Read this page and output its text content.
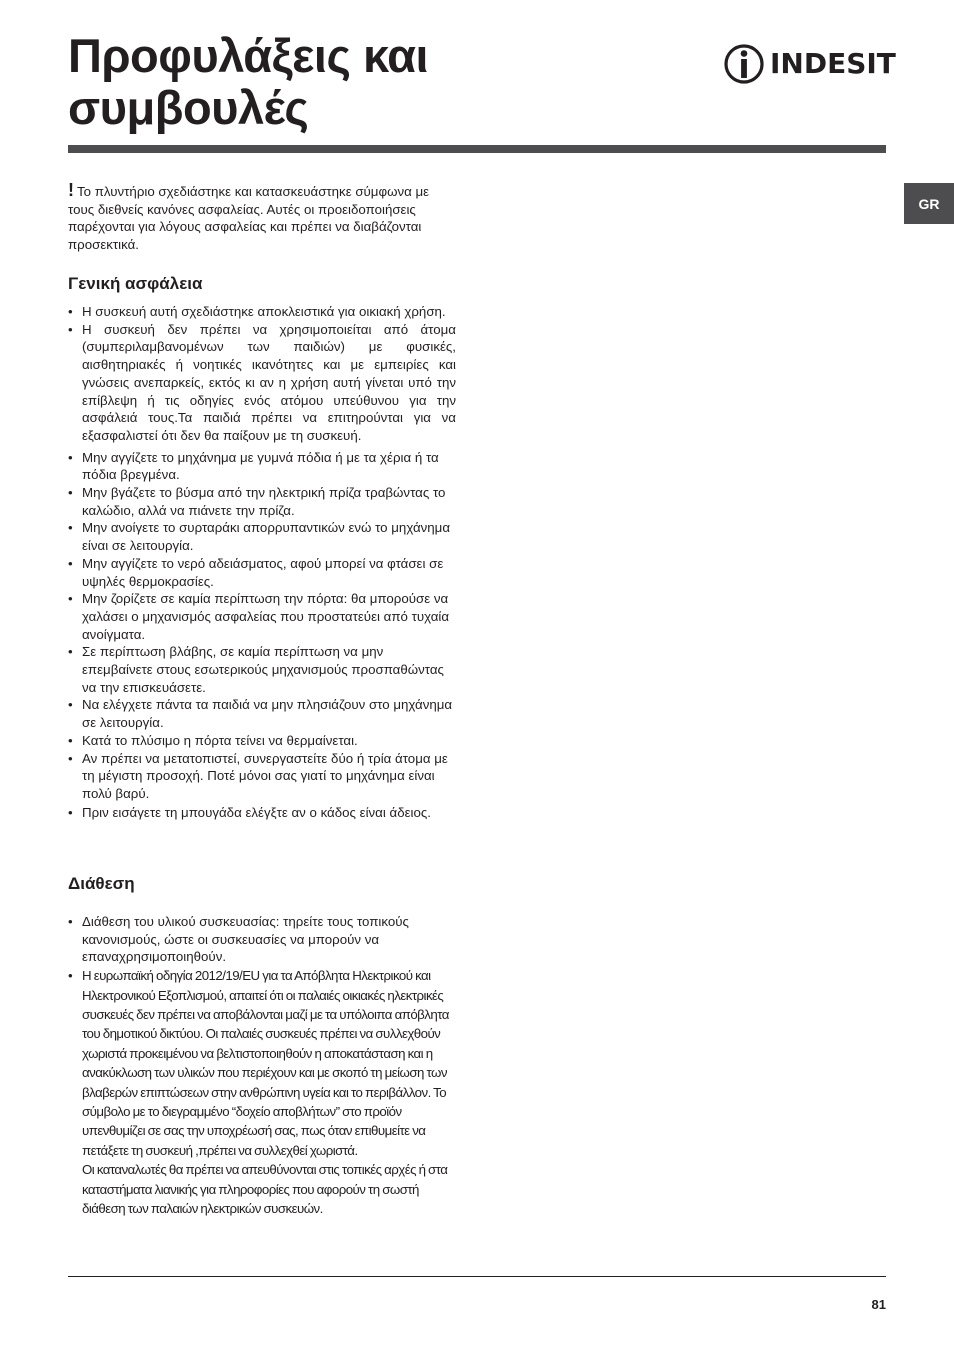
Προφυλάξεις και
συμβουλές
INDESIT
GR
! Το πλυντήριο σχεδιάστηκε και κατασκευάστηκε σύμφωνα με τους διεθνείς κανόνες ασφαλείας. Αυτές οι προειδοποιήσεις παρέχονται για λόγους ασφαλείας και πρέπει να διαβάζονται προσεκτικά.
Γενική ασφάλεια
• Η συσκευή αυτή σχεδιάστηκε αποκλειστικά για οικιακή χρήση.
• Η συσκευή δεν πρέπει να χρησιμοποιείται από άτομα (συμπεριλαμβανομένων των παιδιών) με φυσικές, αισθητηριακές ή νοητικές ικανότητες και με εμπειρίες και γνώσεις ανεπαρκείς, εκτός κι αν η χρήση αυτή γίνεται υπό την επίβλεψη ή τις οδηγίες ενός ατόμου υπεύθυνου για την ασφάλειά τους.Τα παιδιά πρέπει να επιτηρούνται για να εξασφαλιστεί ότι δεν θα παίξουν με τη συσκευή.
• Μην αγγίζετε το μηχάνημα με γυμνά πόδια ή με τα χέρια ή τα πόδια βρεγμένα.
• Μην βγάζετε το βύσμα από την ηλεκτρική πρίζα τραβώντας το καλώδιο, αλλά να πιάνετε την πρίζα.
• Μην ανοίγετε το συρταράκι απορρυπαντικών ενώ το μηχάνημα είναι σε λειτουργία.
• Μην αγγίζετε το νερό αδειάσματος, αφού μπορεί να φτάσει σε υψηλές θερμοκρασίες.
• Μην ζορίζετε σε καμία περίπτωση την πόρτα: θα μπορούσε να χαλάσει ο μηχανισμός ασφαλείας που προστατεύει από τυχαία ανοίγματα.
• Σε περίπτωση βλάβης, σε καμία περίπτωση να μην επεμβαίνετε στους εσωτερικούς μηχανισμούς προσπαθώντας να την επισκευάσετε.
• Να ελέγχετε πάντα τα παιδιά να μην πλησιάζουν στο μηχάνημα σε λειτουργία.
• Κατά το πλύσιμο η πόρτα τείνει να θερμαίνεται.
• Αν πρέπει να μετατοπιστεί, συνεργαστείτε δύο ή τρία άτομα με τη μέγιστη προσοχή. Ποτέ μόνοι σας γιατί το μηχάνημα είναι πολύ βαρύ.
• Πριν εισάγετε τη μπουγάδα ελέγξτε αν ο κάδος είναι άδειος.
Διάθεση
• Διάθεση του υλικού συσκευασίας: τηρείτε τους τοπικούς κανονισμούς, ώστε οι συσκευασίες να μπορούν να επαναχρησιμοποιηθούν.
• Η ευρωπαϊκή οδηγία 2012/19/EU για τα Απόβλητα Ηλεκτρικού και Ηλεκτρονικού Εξοπλισμού, απαιτεί ότι οι παλαιές οικιακές ηλεκτρικές συσκευές δεν πρέπει να αποβάλονται μαζί με τα υπόλοιπα απόβλητα του δημοτικού δικτύου. Οι παλαιές συσκευές πρέπει να συλλεχθούν χωριστά προκειμένου να βελτιστοποιηθούν η αποκατάσταση και η ανακύκλωση των υλικών που περιέχουν και με σκοπό τη μείωση των βλαβερών επιπτώσεων στην ανθρώπινη υγεία και το περιβάλλον. Το σύμβολο με το διεγραμμένο “δοχείο αποβλήτων” στο προϊόν υπενθυμίζει σε σας την υποχρέωσή σας, πως όταν επιθυμείτε να πετάξετε τη συσκευή ,πρέπει να συλλεχθεί χωριστά.
Οι καταναλωτές θα πρέπει να απευθύνονται στις τοπικές αρχές ή στα καταστήματα λιανικής για πληροφορίες που αφορούν τη σωστή διάθεση των παλαιών ηλεκτρικών συσκευών.
81
